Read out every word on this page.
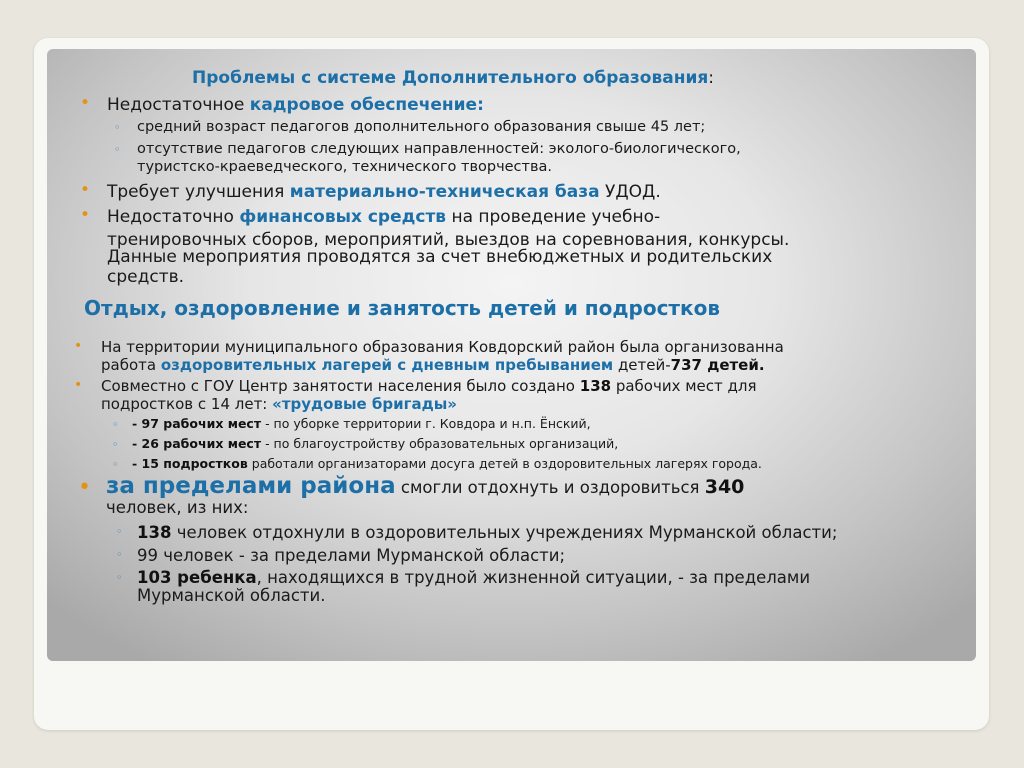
Проблемы с системе Дополнительного образования:

• Недостаточное кадровое обеспечение:

◦ средний возраст педагогов дополнительного образования свыше 45 лет;

◦ отсутствие педагогов следующих направленностей: эколого-биологического,

туристско-краеведческого, технического творчества.

• Требует улучшения материально-техническая база УДОД.

• Недостаточно финансовых средств на проведение учебно-

тренировочных сборов, мероприятий, выездов на соревнования, конкурсы.

Данные мероприятия проводятся за счет внебюджетных и родительских

средств.

Отдых, оздоровление и занятость детей и подростков

• На территории муниципального образования Ковдорский район была организованна

работа оздоровительных лагерей с дневным пребыванием детей-737 детей.

• Совместно с ГОУ Центр занятости населения было создано 138 рабочих мест для

подростков с 14 лет: «трудовые бригады»

◦ - 97 рабочих мест - по уборке территории г. Ковдора и н.п. Ёнский,

◦ - 26 рабочих мест - по благоустройству образовательных организаций,

◦ - 15 подростков работали организаторами досуга детей в оздоровительных лагерях города.

• за пределами района смогли отдохнуть и оздоровиться 340

человек, из них:

◦ 138 человек отдохнули в оздоровительных учреждениях Мурманской области;

◦ 99 человек - за пределами Мурманской области;

◦ 103 ребенка, находящихся в трудной жизненной ситуации, - за пределами

Мурманской области.
